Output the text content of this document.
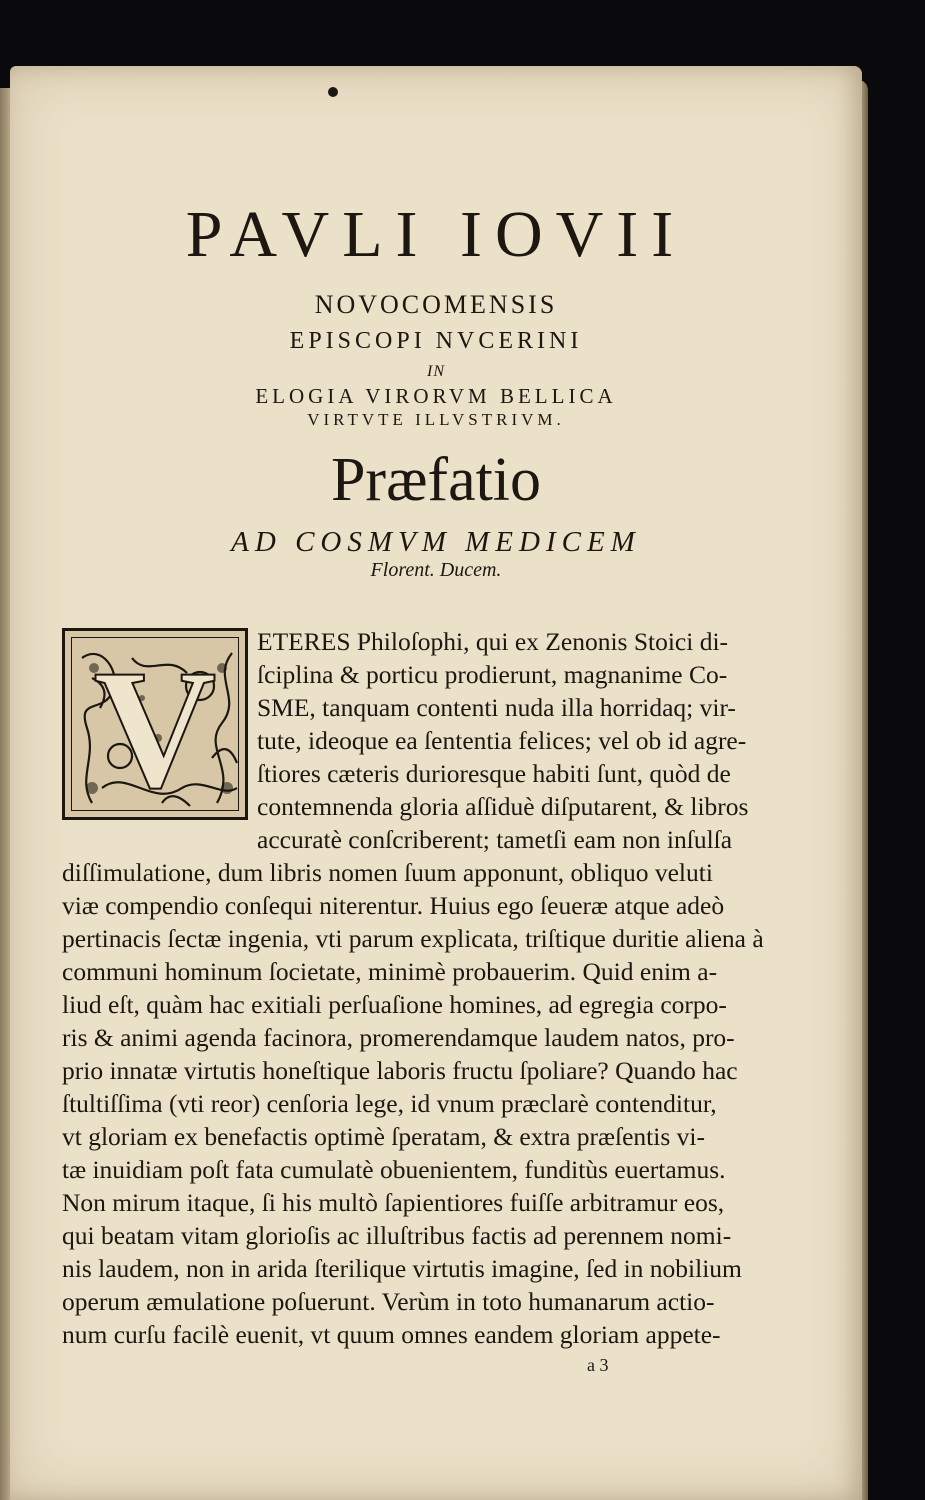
PAVLI IOVII
NOVOCOMENSIS
EPISCOPI NVCERINI
IN
ELOGIA VIRORVM BELLICA
VIRTVTE ILLVSTRIVM.
Præfatio
AD COSMVM MEDICEM
Florent. Ducem.
V	ETERES Philoſophi, qui ex Zenonis Stoici di-
ſciplina & porticu prodierunt, magnanime Co-
SME, tanquam contenti nuda illa horridaq; vir-
tute, ideoque ea ſententia felices; vel ob id agre-
ſtiores cæteris durioresque habiti ſunt, quòd de
contemnenda gloria aſſiduè diſputarent, & libros
accuratè conſcriberent; tametſi eam non inſulſa
diſſimulatione, dum libris nomen ſuum apponunt, obliquo veluti
viæ compendio conſequi niterentur. Huius ego ſeueræ atque adeò
pertinacis ſectæ ingenia, vti parum explicata, triſtique duritie aliena à
communi hominum ſocietate, minimè probauerim. Quid enim a-
liud eſt, quàm hac exitiali perſuaſione homines, ad egregia corpo-
ris & animi agenda facinora, promerendamque laudem natos, pro-
prio innatæ virtutis honeſtique laboris fructu ſpoliare? Quando hac
ſtultiſſima (vti reor) cenſoria lege, id vnum præclarè contenditur,
vt gloriam ex benefactis optimè ſperatam, & extra præſentis vi-
tæ inuidiam poſt fata cumulatè obuenientem, funditùs euertamus.
Non mirum itaque, ſi his multò ſapientiores fuiſſe arbitramur eos,
qui beatam vitam glorioſis ac illuſtribus factis ad perennem nomi-
nis laudem, non in arida ſterilique virtutis imagine, ſed in nobilium
operum æmulatione poſuerunt. Verùm in toto humanarum actio-
num curſu facilè euenit, vt quum omnes eandem gloriam appete-
a 3
